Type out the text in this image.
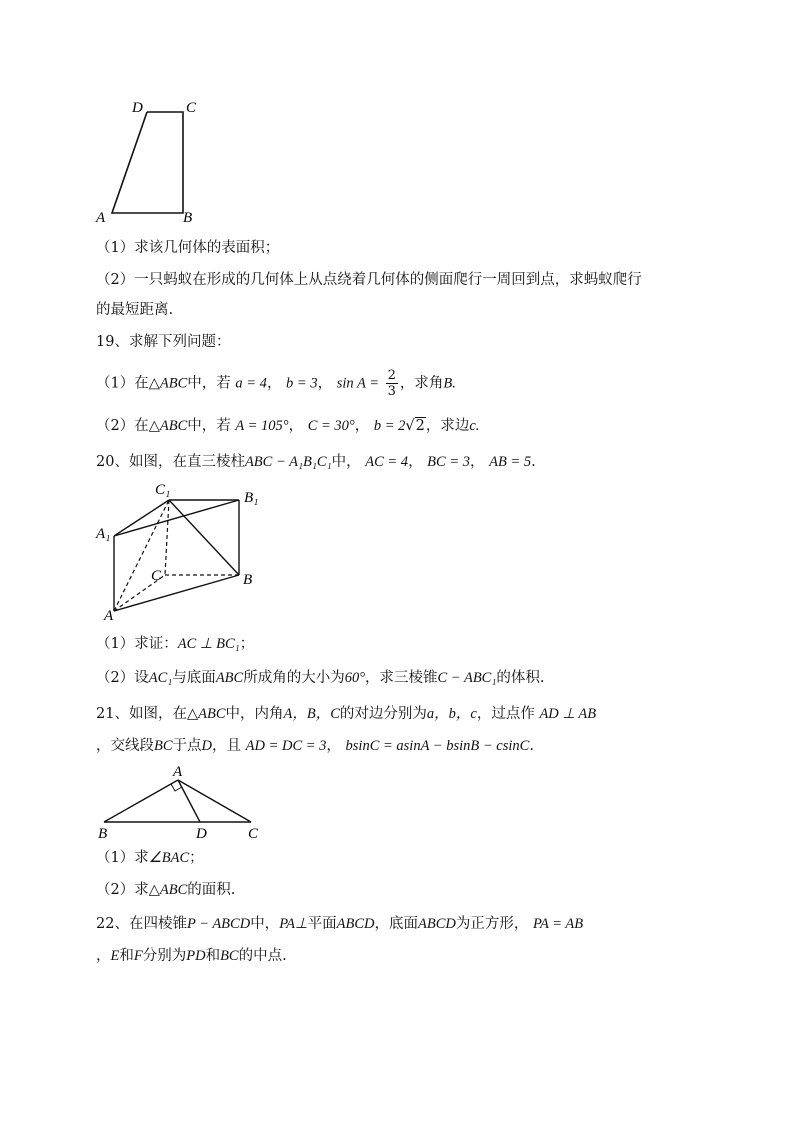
D	C
A	B
（1）求该几何体的表面积；
（2）一只蚂蚁在形成的几何体上从点绕着几何体的侧面爬行一周回到点，求蚂蚁爬行
的最短距离.
19、求解下列问题：
（1）在△ABC中，若 a = 4， b = 3， $\sin A = \frac{2}{3}$ ，求角B.
（2）在△ABC中，若 A = 105°， C = 30°， b = 2√2，求边c.
20、如图，在直三棱柱ABC − A₁B₁C₁中， AC = 4， BC = 3， AB = 5.
C₁	B₁
A₁
C	B
A
（1）求证：AC ⊥ BC₁；
（2）设AC₁与底面ABC所成角的大小为60°，求三棱锥C − ABC₁的体积.
21、如图，在△ABC中，内角A，B，C的对边分别为a，b，c，过点作 AD ⊥ AB
，交线段BC于点D，且 AD = DC = 3， bsinC = asinA − bsinB − csinC.
A
B	D	C
（1）求∠BAC；
（2）求△ABC的面积.
22、在四棱锥P − ABCD中，PA⊥平面ABCD，底面ABCD为正方形， PA = AB
，E和F分别为PD和BC的中点.
